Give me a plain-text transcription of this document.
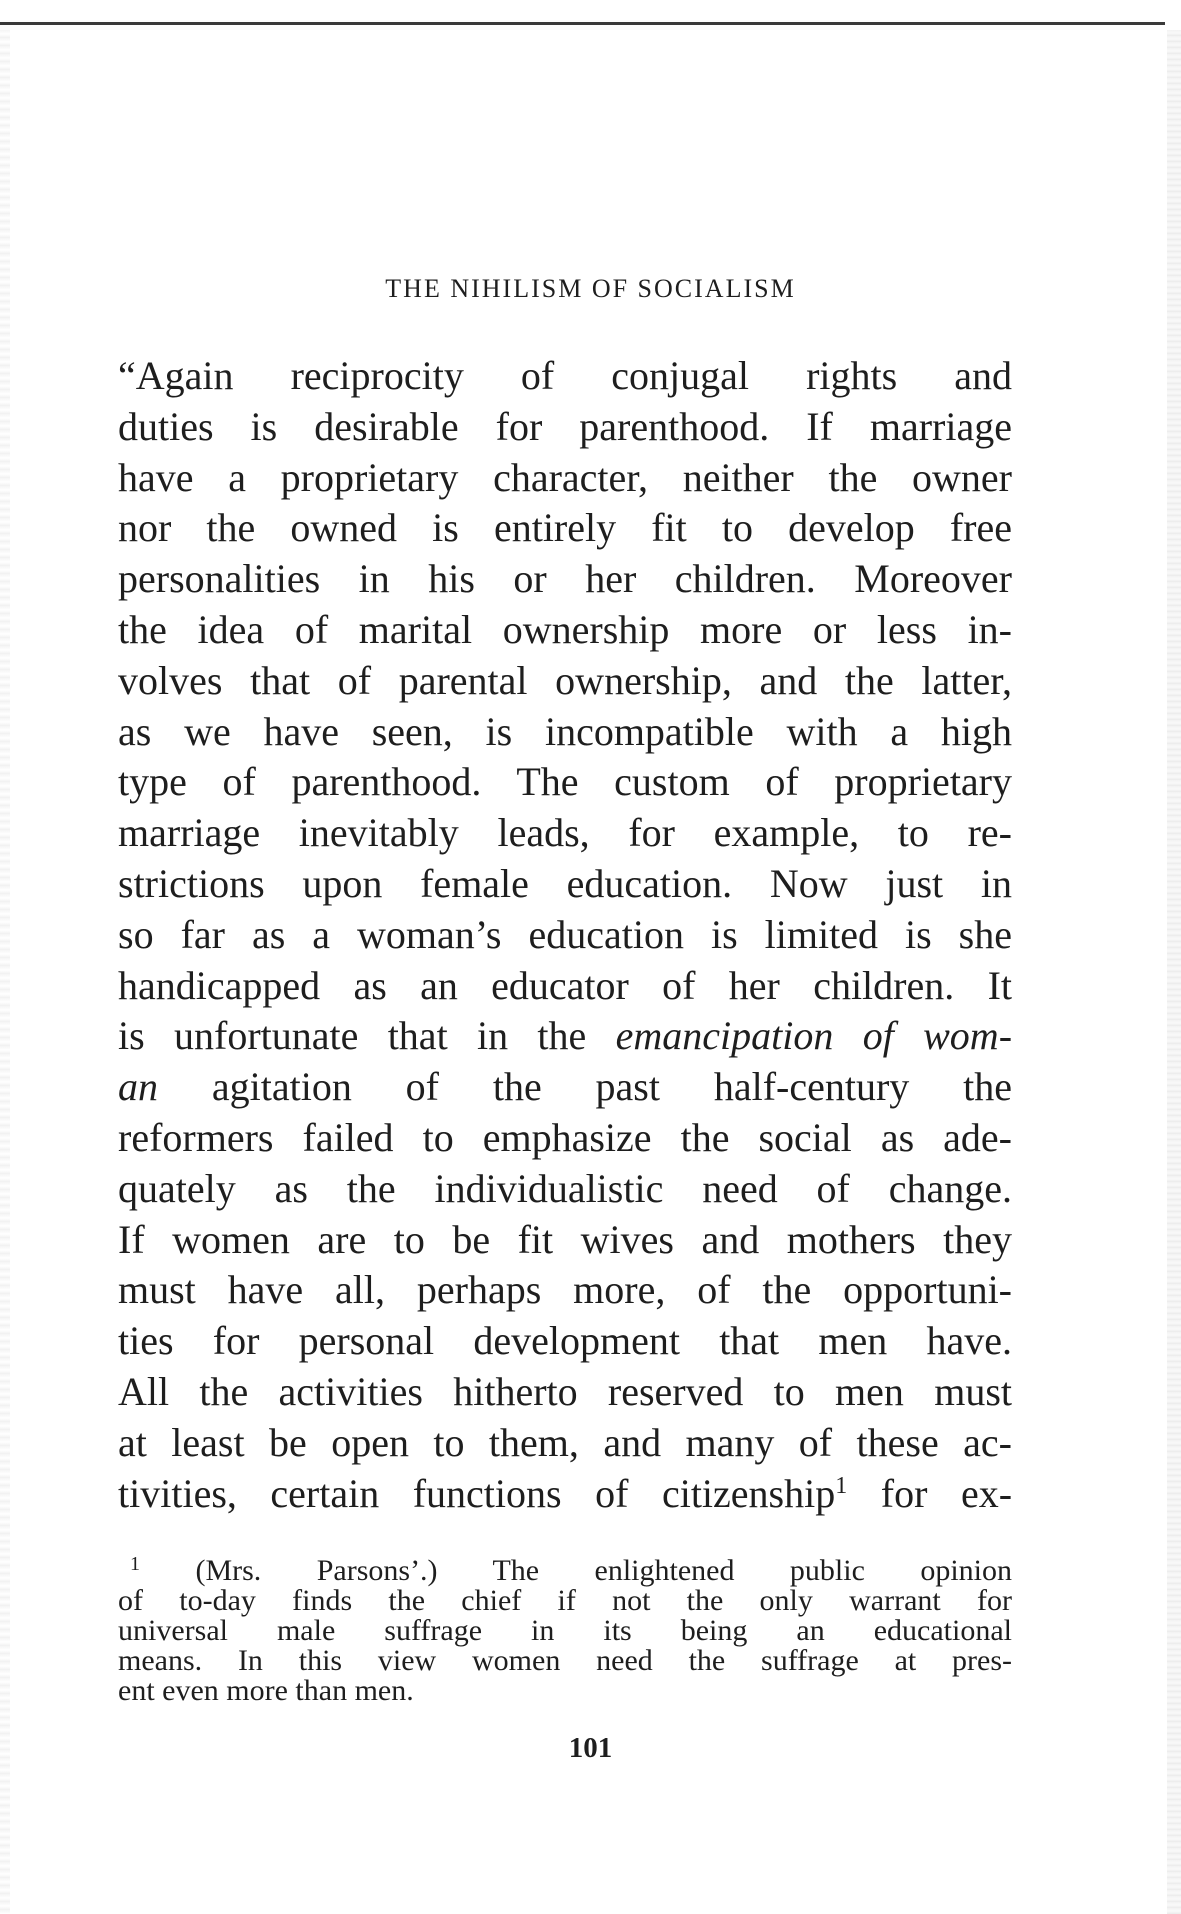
THE NIHILISM OF SOCIALISM
“Again reciprocity of conjugal rights and
duties is desirable for parenthood. If marriage
have a proprietary character, neither the owner
nor the owned is entirely fit to develop free
personalities in his or her children. Moreover
the idea of marital ownership more or less in-
volves that of parental ownership, and the latter,
as we have seen, is incompatible with a high
type of parenthood. The custom of proprietary
marriage inevitably leads, for example, to re-
strictions upon female education. Now just in
so far as a woman’s education is limited is she
handicapped as an educator of her children. It
is unfortunate that in the emancipation of wom-
an agitation of the past half-century the
reformers failed to emphasize the social as ade-
quately as the individualistic need of change.
If women are to be fit wives and mothers they
must have all, perhaps more, of the opportuni-
ties for personal development that men have.
All the activities hitherto reserved to men must
at least be open to them, and many of these ac-
tivities, certain functions of citizenship$^1$ for ex-
$^1$ (Mrs. Parsons’.) The enlightened public opinion
of to-day finds the chief if not the only warrant for
universal male suffrage in its being an educational
means. In this view women need the suffrage at pres-
ent even more than men.
101
